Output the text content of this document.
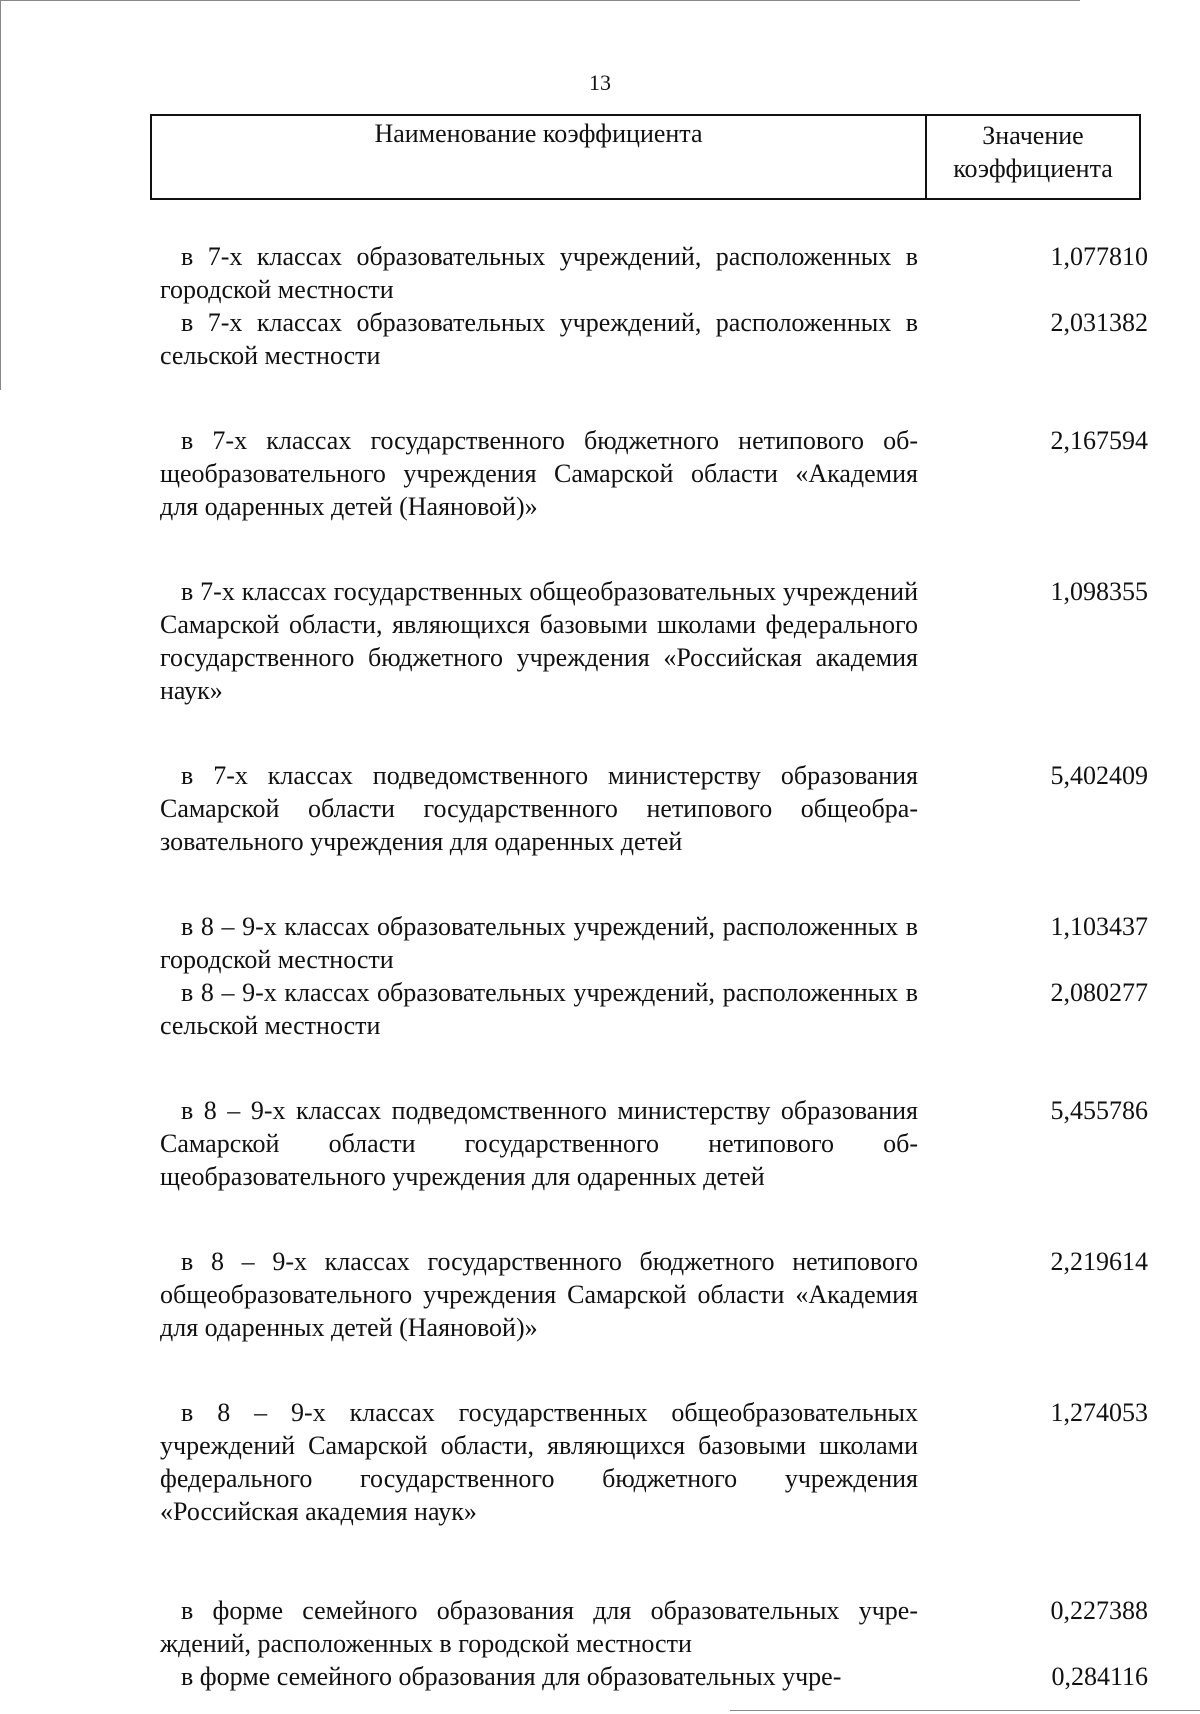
13
Наименование коэффициента	Значение
коэффициента
в 7-х классах образовательных учреждений, расположенных в городской местности
1,077810
в 7-х классах образовательных учреждений, расположенных в сельской местности
2,031382
в 7-х классах государственного бюджетного нетипового общеобразовательного учреждения Самарской области «Академия для одаренных детей (Наяновой)»
2,167594
в 7-х классах государственных общеобразовательных учреждений Самарской области, являющихся базовыми школами федерального государственного бюджетного учреждения «Российская академия наук»
1,098355
в 7-х классах подведомственного министерству образования Самарской области государственного нетипового общеобразовательного учреждения для одаренных детей
5,402409
в 8 – 9-х классах образовательных учреждений, расположенных в городской местности
1,103437
в 8 – 9-х классах образовательных учреждений, расположенных в сельской местности
2,080277
в 8 – 9-х классах подведомственного министерству образования Самарской области государственного нетипового общеобразовательного учреждения для одаренных детей
5,455786
в 8 – 9-х классах государственного бюджетного нетипового общеобразовательного учреждения Самарской области «Академия для одаренных детей (Наяновой)»
2,219614
в 8 – 9-х классах государственных общеобразовательных учреждений Самарской области, являющихся базовыми школами федерального государственного бюджетного учреждения «Российская академия наук»
1,274053
в форме семейного образования для образовательных учреждений, расположенных в городской местности
0,227388
в форме семейного образования для образовательных учре-	0,284116
